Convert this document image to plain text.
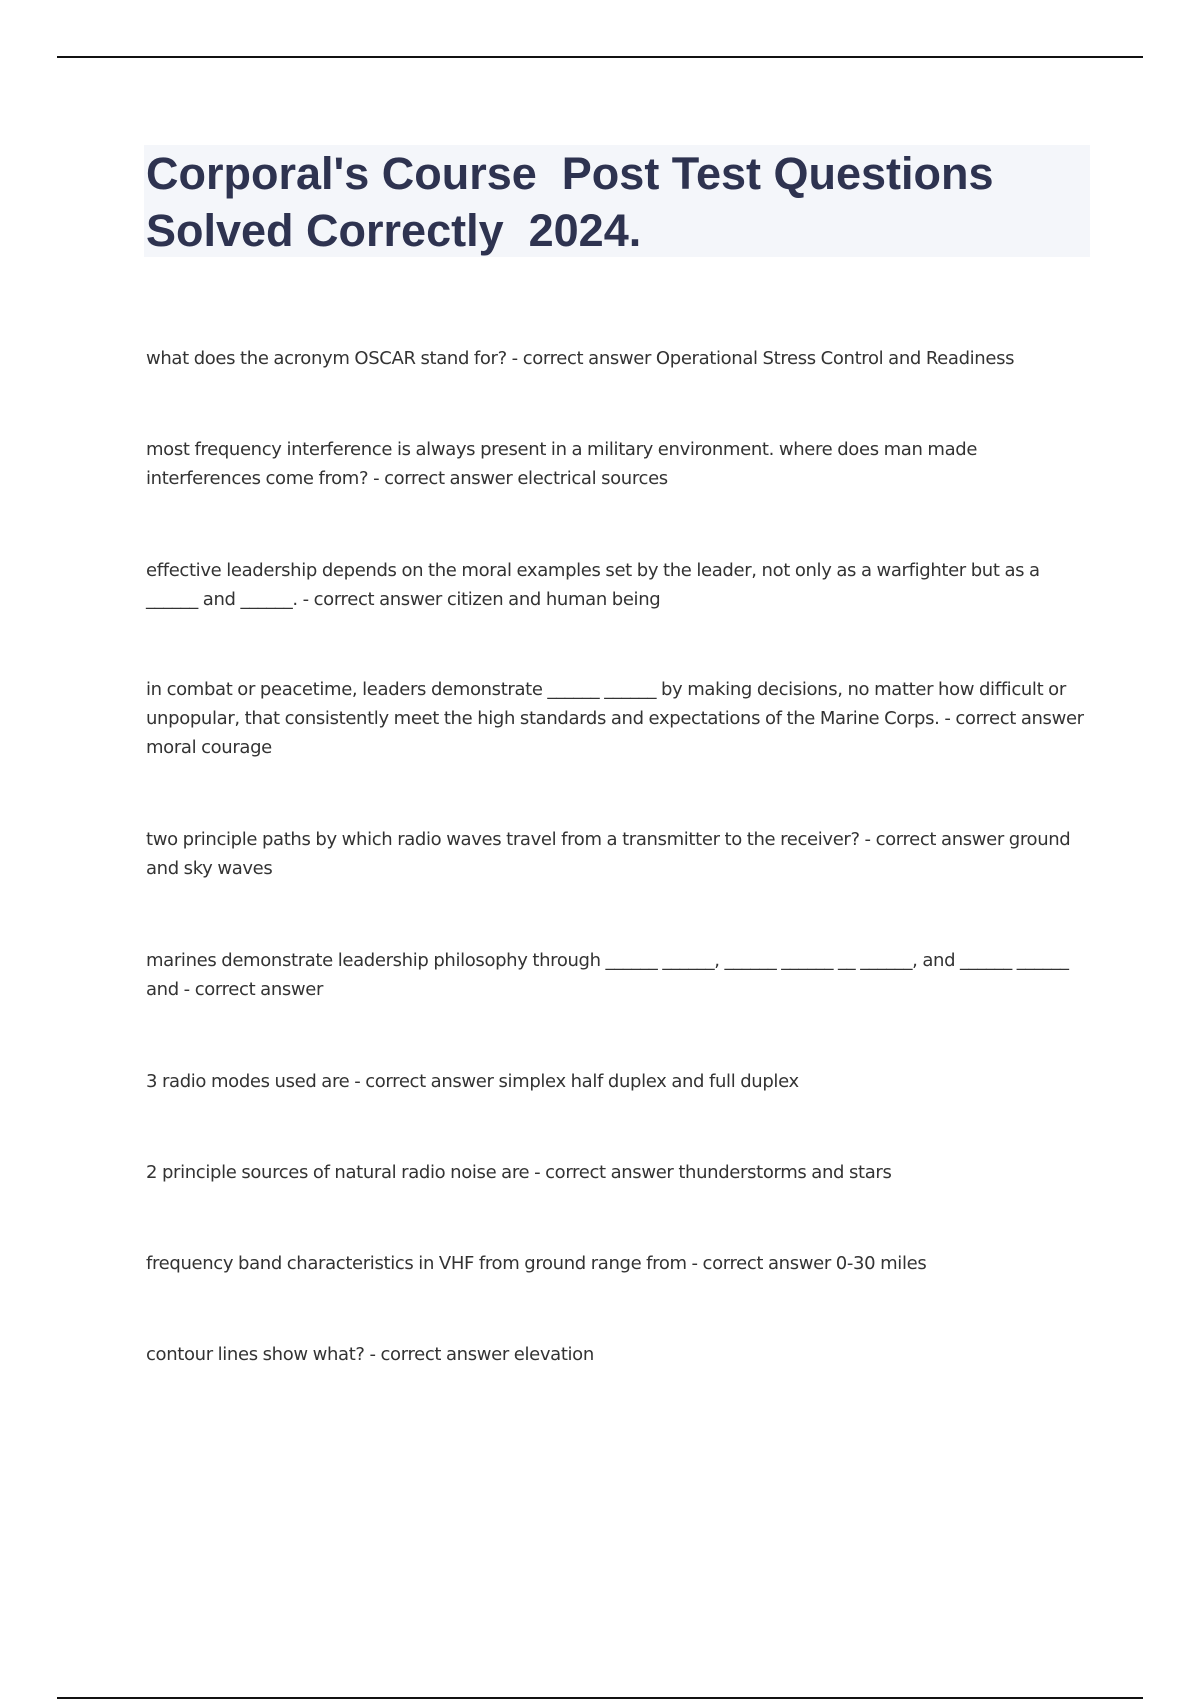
Corporal's Course  Post Test Questions Solved Correctly  2024.

what does the acronym OSCAR stand for? - correct answer Operational Stress Control and Readiness

most frequency interference is always present in a military environment. where does man made interferences come from? - correct answer electrical sources

effective leadership depends on the moral examples set by the leader, not only as a warfighter but as a ______ and ______. - correct answer citizen and human being

in combat or peacetime, leaders demonstrate ______ ______ by making decisions, no matter how difficult or unpopular, that consistently meet the high standards and expectations of the Marine Corps. - correct answer moral courage

two principle paths by which radio waves travel from a transmitter to the receiver? - correct answer ground and sky waves

marines demonstrate leadership philosophy through ______ ______, ______ ______ __ ______, and ______ ______ and - correct answer

3 radio modes used are - correct answer simplex half duplex and full duplex

2 principle sources of natural radio noise are - correct answer thunderstorms and stars

frequency band characteristics in VHF from ground range from - correct answer 0-30 miles

contour lines show what? - correct answer elevation
